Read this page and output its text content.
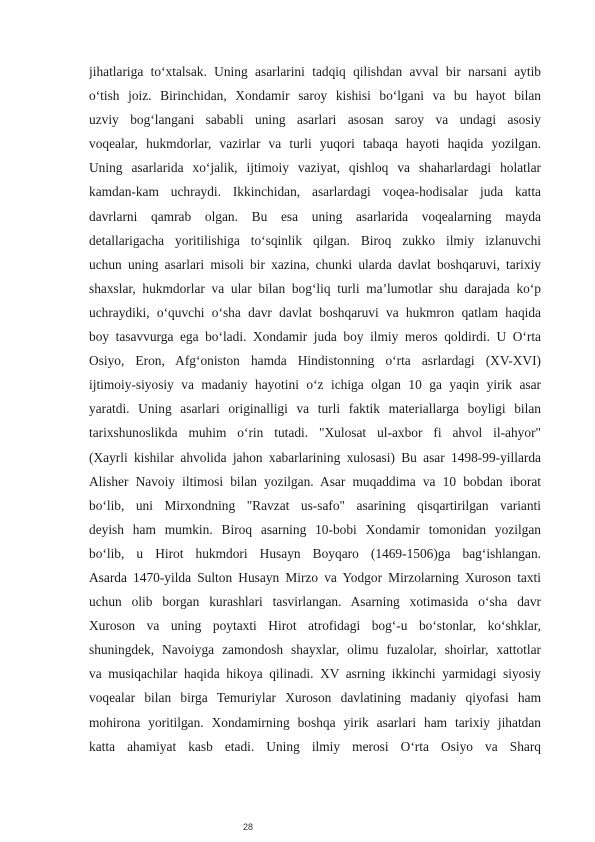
jihatlariga to‘xtalsak. Uning asarlarini tadqiq qilishdan avval bir narsani aytib
o‘tish joiz. Birinchidan, Xondamir saroy kishisi bo‘lgani va bu hayot bilan
uzviy bog‘langani sababli uning asarlari asosan saroy va undagi asosiy
voqealar, hukmdorlar, vazirlar va turli yuqori tabaqa hayoti haqida yozilgan.
Uning asarlarida xo‘jalik, ijtimoiy vaziyat, qishloq va shaharlardagi holatlar
kamdan-kam uchraydi. Ikkinchidan, asarlardagi voqea-hodisalar juda katta
davrlarni qamrab olgan. Bu esa uning asarlarida voqealarning mayda
detallarigacha yoritilishiga to‘sqinlik qilgan. Biroq zukko ilmiy izlanuvchi
uchun uning asarlari misoli bir xazina, chunki ularda davlat boshqaruvi, tarixiy
shaxslar, hukmdorlar va ular bilan bog‘liq turli ma’lumotlar shu darajada ko‘p
uchraydiki, o‘quvchi o‘sha davr davlat boshqaruvi va hukmron qatlam haqida
boy tasavvurga ega bo‘ladi. Xondamir juda boy ilmiy meros qoldirdi. U O‘rta
Osiyo, Eron, Afg‘oniston hamda Hindistonning o‘rta asrlardagi (XV-XVI)
ijtimoiy-siyosiy va madaniy hayotini o‘z ichiga olgan 10 ga yaqin yirik asar
yaratdi. Uning asarlari originalligi va turli faktik materiallarga boyligi bilan
tarixshunoslikda muhim o‘rin tutadi. "Xulosat ul-axbor fi ahvol il-ahyor"
(Xayrli kishilar ahvolida jahon xabarlarining xulosasi) Bu asar 1498-99-yillarda
Alisher Navoiy iltimosi bilan yozilgan. Asar muqaddima va 10 bobdan iborat
bo‘lib, uni Mirxondning "Ravzat us-safo" asarining qisqartirilgan varianti
deyish ham mumkin. Biroq asarning 10-bobi Xondamir tomonidan yozilgan
bo‘lib, u Hirot hukmdori Husayn Boyqaro (1469-1506)ga bag‘ishlangan.
Asarda 1470-yilda Sulton Husayn Mirzo va Yodgor Mirzolarning Xuroson taxti
uchun olib borgan kurashlari tasvirlangan. Asarning xotimasida o‘sha davr
Xuroson va uning poytaxti Hirot atrofidagi bog‘-u bo‘stonlar, ko‘shklar,
shuningdek, Navoiyga zamondosh shayxlar, olimu fuzalolar, shoirlar, xattotlar
va musiqachilar haqida hikoya qilinadi. XV asrning ikkinchi yarmidagi siyosiy
voqealar bilan birga Temuriylar Xuroson davlatining madaniy qiyofasi ham
mohirona yoritilgan. Xondamirning boshqa yirik asarlari ham tarixiy jihatdan
katta ahamiyat kasb etadi. Uning ilmiy merosi O‘rta Osiyo va Sharq
28
